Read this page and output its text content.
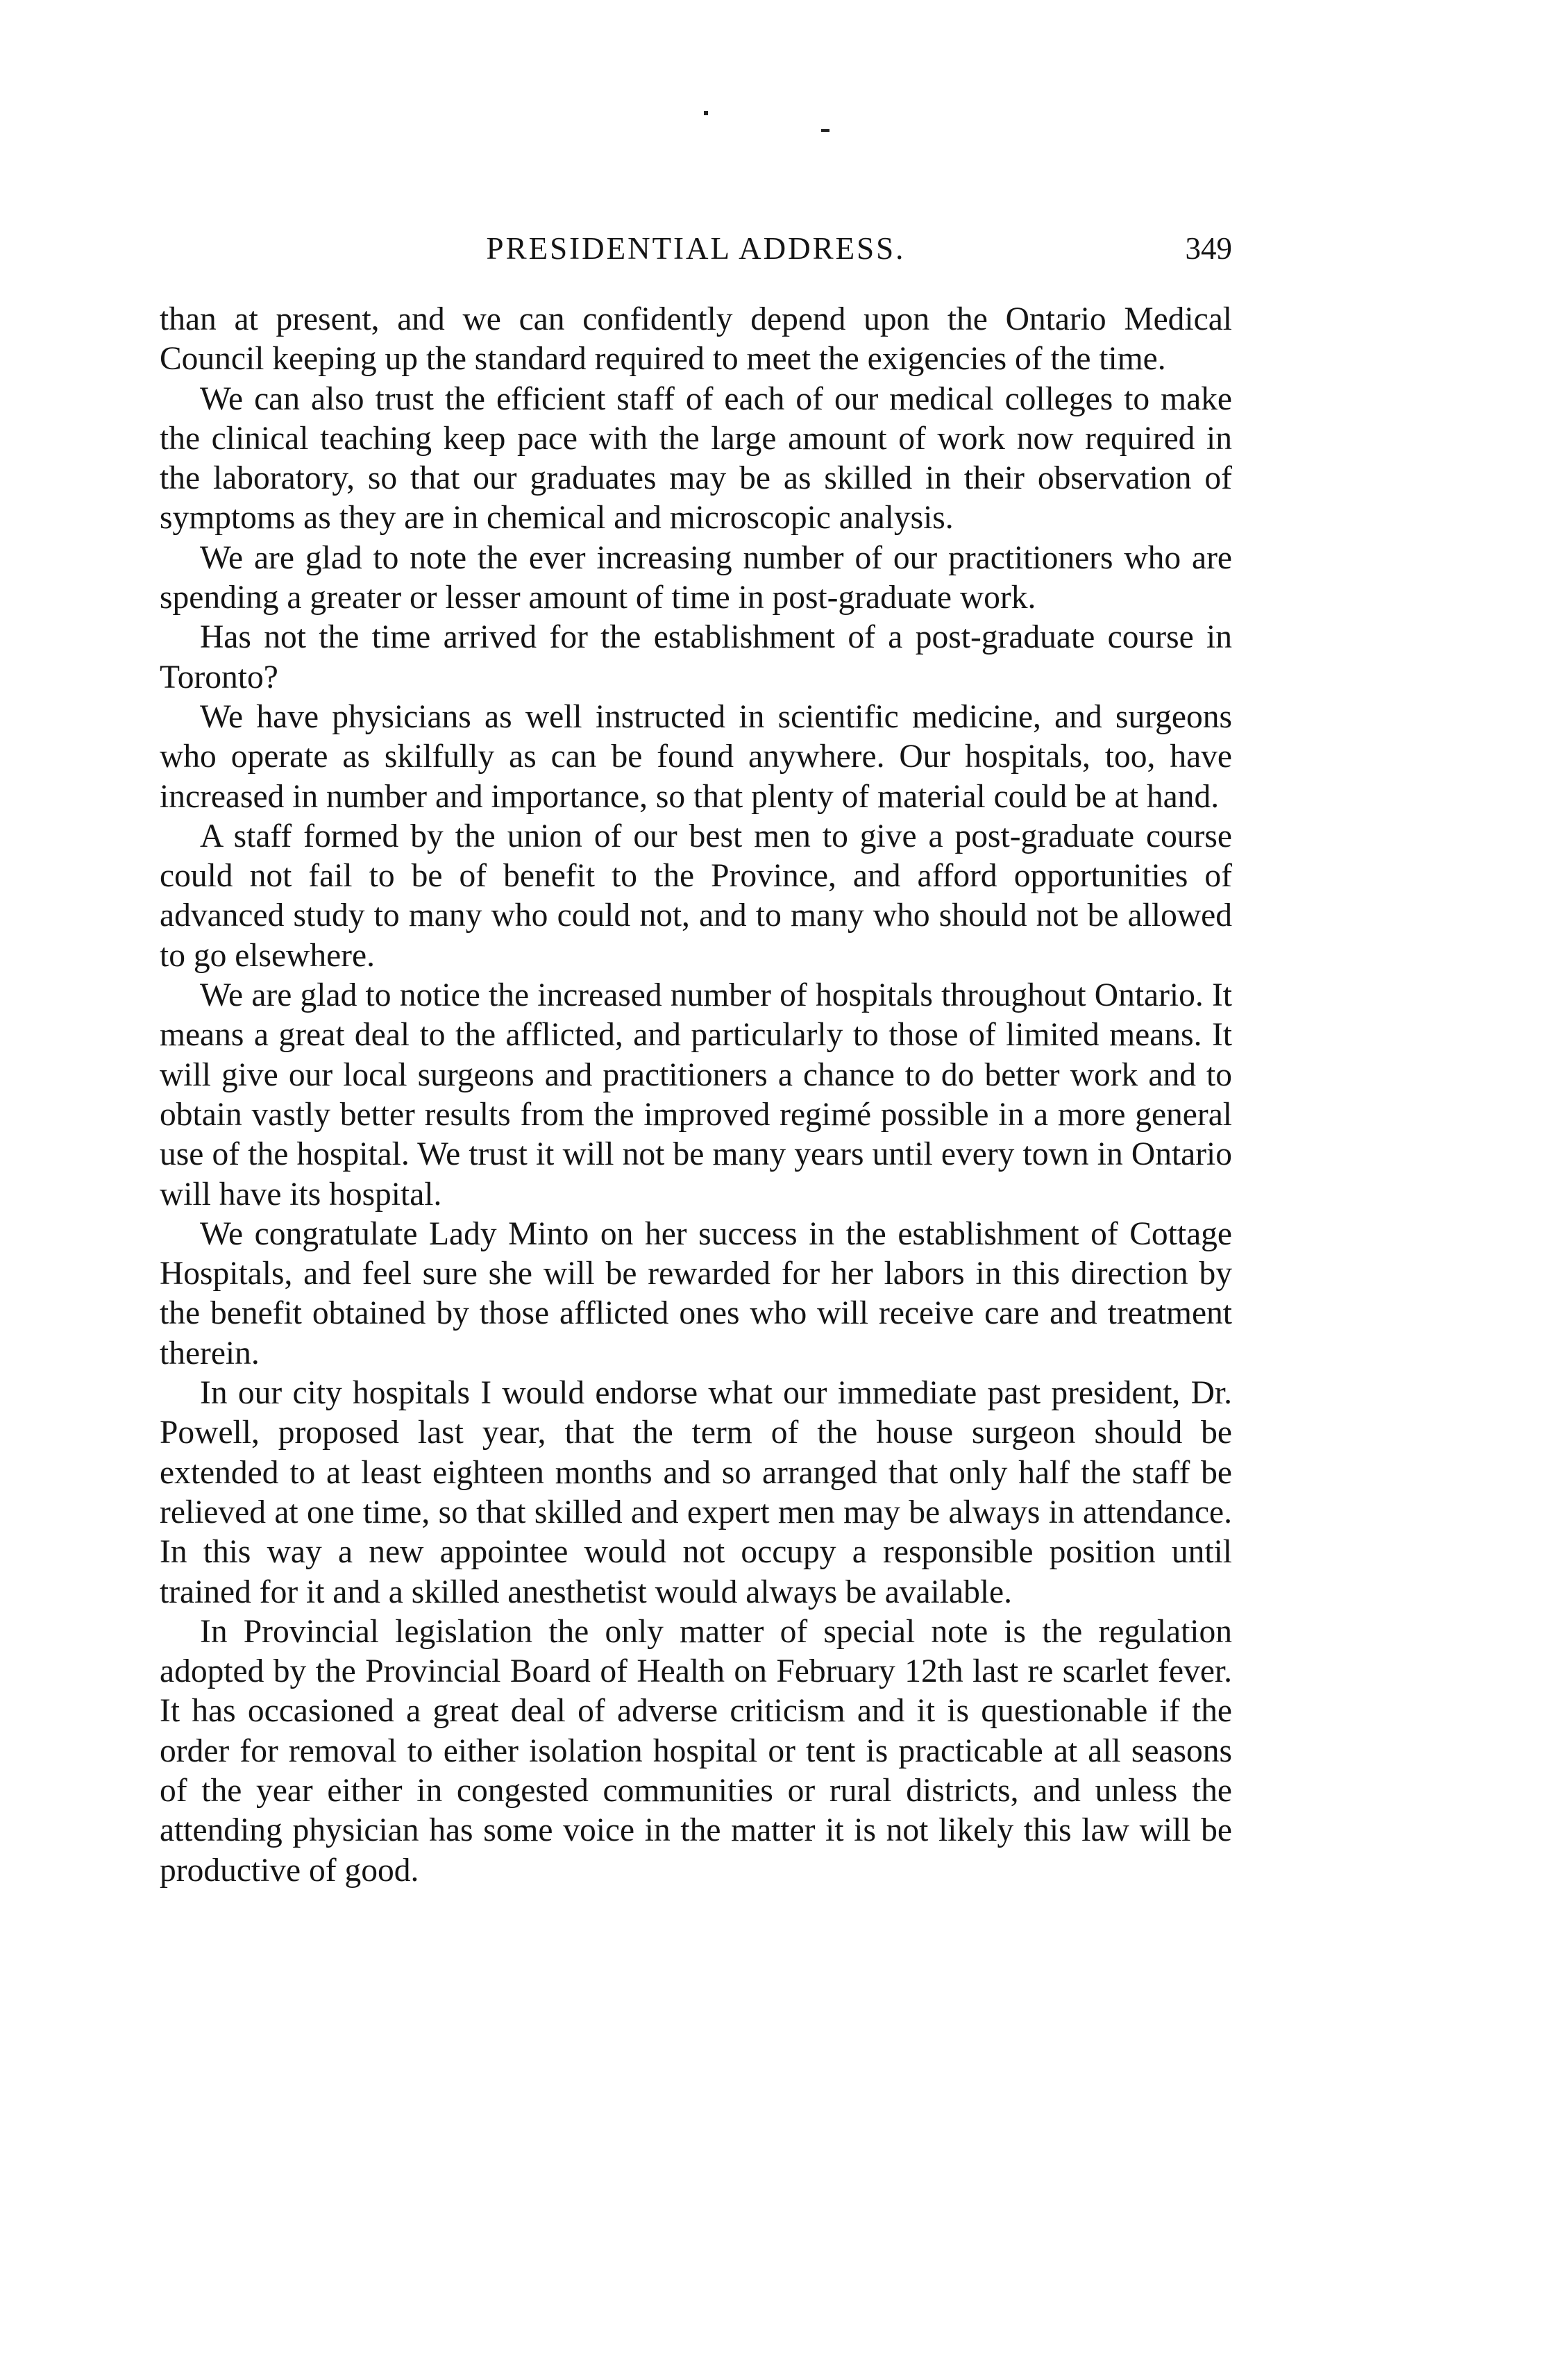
PRESIDENTIAL ADDRESS.	349

than at present, and we can confidently depend upon the Ontario Medical Council keeping up the standard required to meet the exigencies of the time.

We can also trust the efficient staff of each of our medical colleges to make the clinical teaching keep pace with the large amount of work now required in the laboratory, so that our graduates may be as skilled in their observation of symptoms as they are in chemical and microscopic analysis.

We are glad to note the ever increasing number of our practitioners who are spending a greater or lesser amount of time in post-graduate work.

Has not the time arrived for the establishment of a post-graduate course in Toronto?

We have physicians as well instructed in scientific medicine, and surgeons who operate as skilfully as can be found anywhere. Our hospitals, too, have increased in number and importance, so that plenty of material could be at hand.

A staff formed by the union of our best men to give a post-graduate course could not fail to be of benefit to the Province, and afford opportunities of advanced study to many who could not, and to many who should not be allowed to go elsewhere.

We are glad to notice the increased number of hospitals throughout Ontario. It means a great deal to the afflicted, and particularly to those of limited means. It will give our local surgeons and practitioners a chance to do better work and to obtain vastly better results from the improved regimé possible in a more general use of the hospital. We trust it will not be many years until every town in Ontario will have its hospital.

We congratulate Lady Minto on her success in the establishment of Cottage Hospitals, and feel sure she will be rewarded for her labors in this direction by the benefit obtained by those afflicted ones who will receive care and treatment therein.

In our city hospitals I would endorse what our immediate past president, Dr. Powell, proposed last year, that the term of the house surgeon should be extended to at least eighteen months and so arranged that only half the staff be relieved at one time, so that skilled and expert men may be always in attendance. In this way a new appointee would not occupy a responsible position until trained for it and a skilled anesthetist would always be available.

In Provincial legislation the only matter of special note is the regulation adopted by the Provincial Board of Health on February 12th last re scarlet fever. It has occasioned a great deal of adverse criticism and it is questionable if the order for removal to either isolation hospital or tent is practicable at all seasons of the year either in congested communities or rural districts, and unless the attending physician has some voice in the matter it is not likely this law will be productive of good.
